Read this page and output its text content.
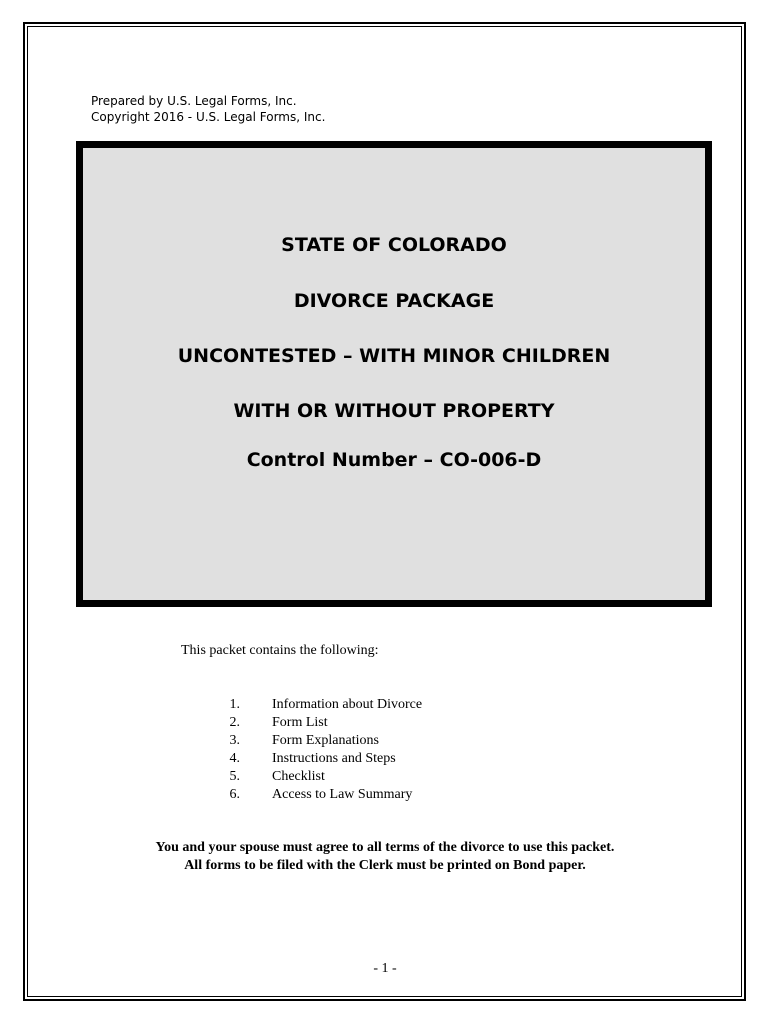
Prepared by U.S. Legal Forms, Inc.
Copyright 2016 - U.S. Legal Forms, Inc.
STATE OF COLORADO
DIVORCE PACKAGE
UNCONTESTED – WITH MINOR CHILDREN
WITH OR WITHOUT PROPERTY
Control Number – CO-006-D
This packet contains the following:
1. Information about Divorce
2. Form List
3. Form Explanations
4. Instructions and Steps
5. Checklist
6. Access to Law Summary
You and your spouse must agree to all terms of the divorce to use this packet.
All forms to be filed with the Clerk must be printed on Bond paper.
- 1 -
